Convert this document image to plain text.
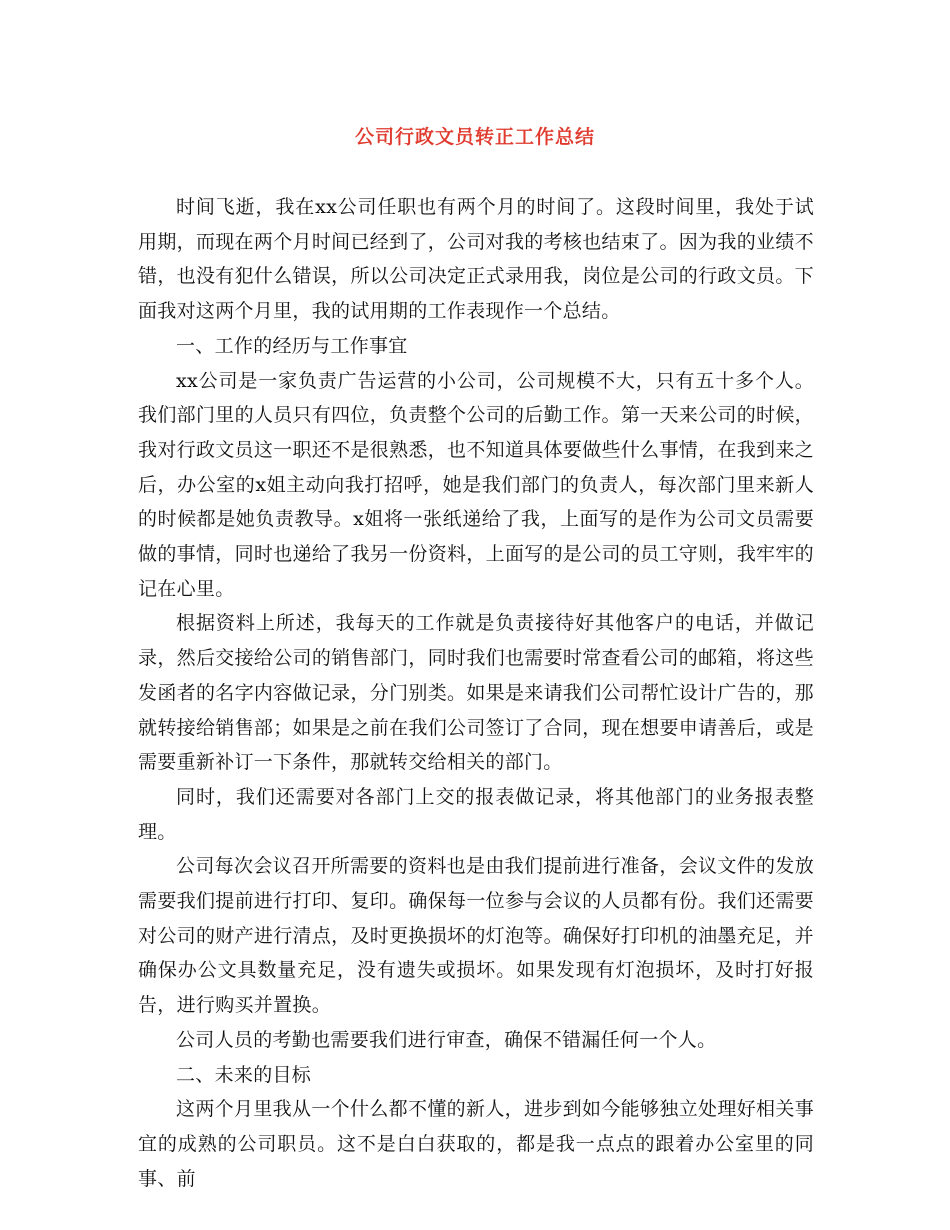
公司行政文员转正工作总结

时间飞逝，我在xx公司任职也有两个月的时间了。这段时间里，我处于试用期，而现在两个月时间已经到了，公司对我的考核也结束了。因为我的业绩不错，也没有犯什么错误，所以公司决定正式录用我，岗位是公司的行政文员。下面我对这两个月里，我的试用期的工作表现作一个总结。

一、工作的经历与工作事宜

xx公司是一家负责广告运营的小公司，公司规模不大，只有五十多个人。我们部门里的人员只有四位，负责整个公司的后勤工作。第一天来公司的时候，我对行政文员这一职还不是很熟悉，也不知道具体要做些什么事情，在我到来之后，办公室的x姐主动向我打招呼，她是我们部门的负责人，每次部门里来新人的时候都是她负责教导。x姐将一张纸递给了我，上面写的是作为公司文员需要做的事情，同时也递给了我另一份资料，上面写的是公司的员工守则，我牢牢的记在心里。

根据资料上所述，我每天的工作就是负责接待好其他客户的电话，并做记录，然后交接给公司的销售部门，同时我们也需要时常查看公司的邮箱，将这些发函者的名字内容做记录，分门别类。如果是来请我们公司帮忙设计广告的，那就转接给销售部；如果是之前在我们公司签订了合同，现在想要申请善后，或是需要重新补订一下条件，那就转交给相关的部门。

同时，我们还需要对各部门上交的报表做记录，将其他部门的业务报表整理。

公司每次会议召开所需要的资料也是由我们提前进行准备，会议文件的发放需要我们提前进行打印、复印。确保每一位参与会议的人员都有份。我们还需要对公司的财产进行清点，及时更换损坏的灯泡等。确保好打印机的油墨充足，并确保办公文具数量充足，没有遗失或损坏。如果发现有灯泡损坏，及时打好报告，进行购买并置换。

公司人员的考勤也需要我们进行审查，确保不错漏任何一个人。

二、未来的目标

这两个月里我从一个什么都不懂的新人，进步到如今能够独立处理好相关事宜的成熟的公司职员。这不是白白获取的，都是我一点点的跟着办公室里的同事、前
